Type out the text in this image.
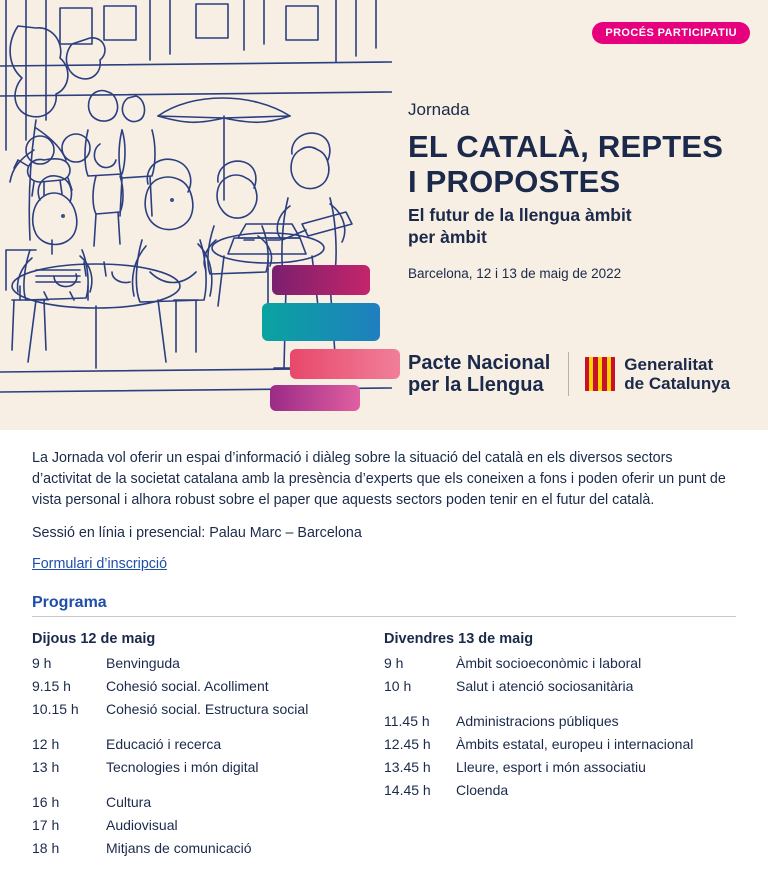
PROCÉS PARTICIPATIU
Jornada
EL CATALÀ, REPTES
I PROPOSTES
El futur de la llengua àmbit
per àmbit
Barcelona, 12 i 13 de maig de 2022
Pacte Nacional
per la Llengua
Generalitat
de Catalunya

La Jornada vol oferir un espai d’informació i diàleg sobre la situació del català en els diversos sectors d’activitat de la societat catalana amb la presència d’experts que els coneixen a fons i poden oferir un punt de vista personal i alhora robust sobre el paper que aquests sectors poden tenir en el futur del català.

Sessió en línia i presencial: Palau Marc – Barcelona

Formulari d’inscripció
Programa
Dijous 12 de maig
9 h	Benvinguda
9.15 h	Cohesió social. Acolliment
10.15 h	Cohesió social. Estructura social
12 h	Educació i recerca
13 h	Tecnologies i món digital
16 h	Cultura
17 h	Audiovisual
18 h	Mitjans de comunicació
Divendres 13 de maig
9 h	Àmbit socioeconòmic i laboral
10 h	Salut i atenció sociosanitària
11.45 h	Administracions públiques
12.45 h	Àmbits estatal, europeu i internacional
13.45 h	Lleure, esport i món associatiu
14.45 h	Cloenda
